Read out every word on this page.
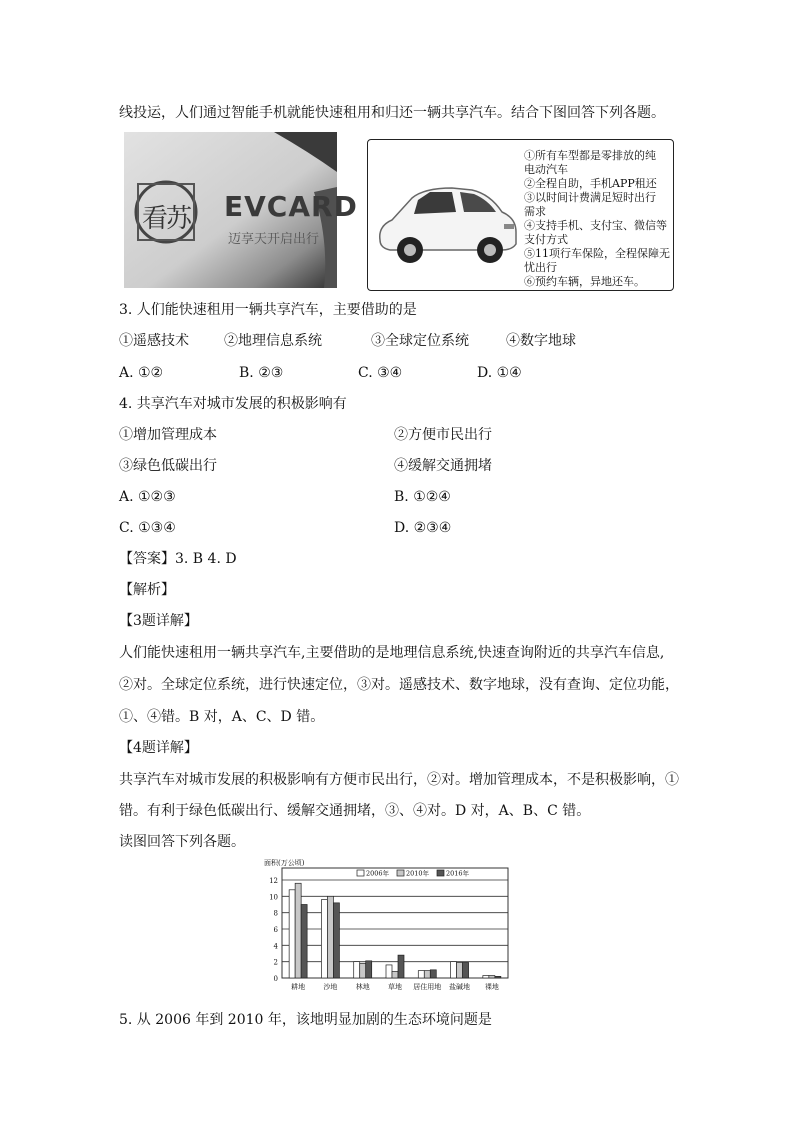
线投运，人们通过智能手机就能快速租用和归还一辆共享汽车。结合下图回答下列各题。
看苏 EVCARD
迈享天开启出行
①所有车型都是零排放的纯
电动汽车
②全程自助，手机APP租还
③以时间计费满足短时出行
需求
④支持手机、支付宝、微信等
支付方式
⑤11项行车保险，全程保障无
忧出行
⑥预约车辆，异地还车。
3. 人们能快速租用一辆共享汽车，主要借助的是
①遥感技术	②地理信息系统	③全球定位系统	④数字地球
A. ①②	B. ②③	C. ③④	D. ①④
4. 共享汽车对城市发展的积极影响有
①增加管理成本	②方便市民出行
③绿色低碳出行	④缓解交通拥堵
A. ①②③	B. ①②④
C. ①③④	D. ②③④
【答案】3. B 4. D
【解析】
【3题详解】
人们能快速租用一辆共享汽车,主要借助的是地理信息系统,快速查询附近的共享汽车信息,
②对。全球定位系统，进行快速定位，③对。遥感技术、数字地球，没有查询、定位功能，
①、④错。B 对，A、C、D 错。
【4题详解】
共享汽车对城市发展的积极影响有方便市民出行，②对。增加管理成本，不是积极影响，①
错。有利于绿色低碳出行、缓解交通拥堵，③、④对。D 对，A、B、C 错。
读图回答下列各题。
0
2
4
6
8
10
12
面积(万公顷)
耕地	沙地	林地	草地 居住用地 盐碱地 裸地
2006年	2010年	2016年
5. 从 2006 年到 2010 年，该地明显加剧的生态环境问题是
